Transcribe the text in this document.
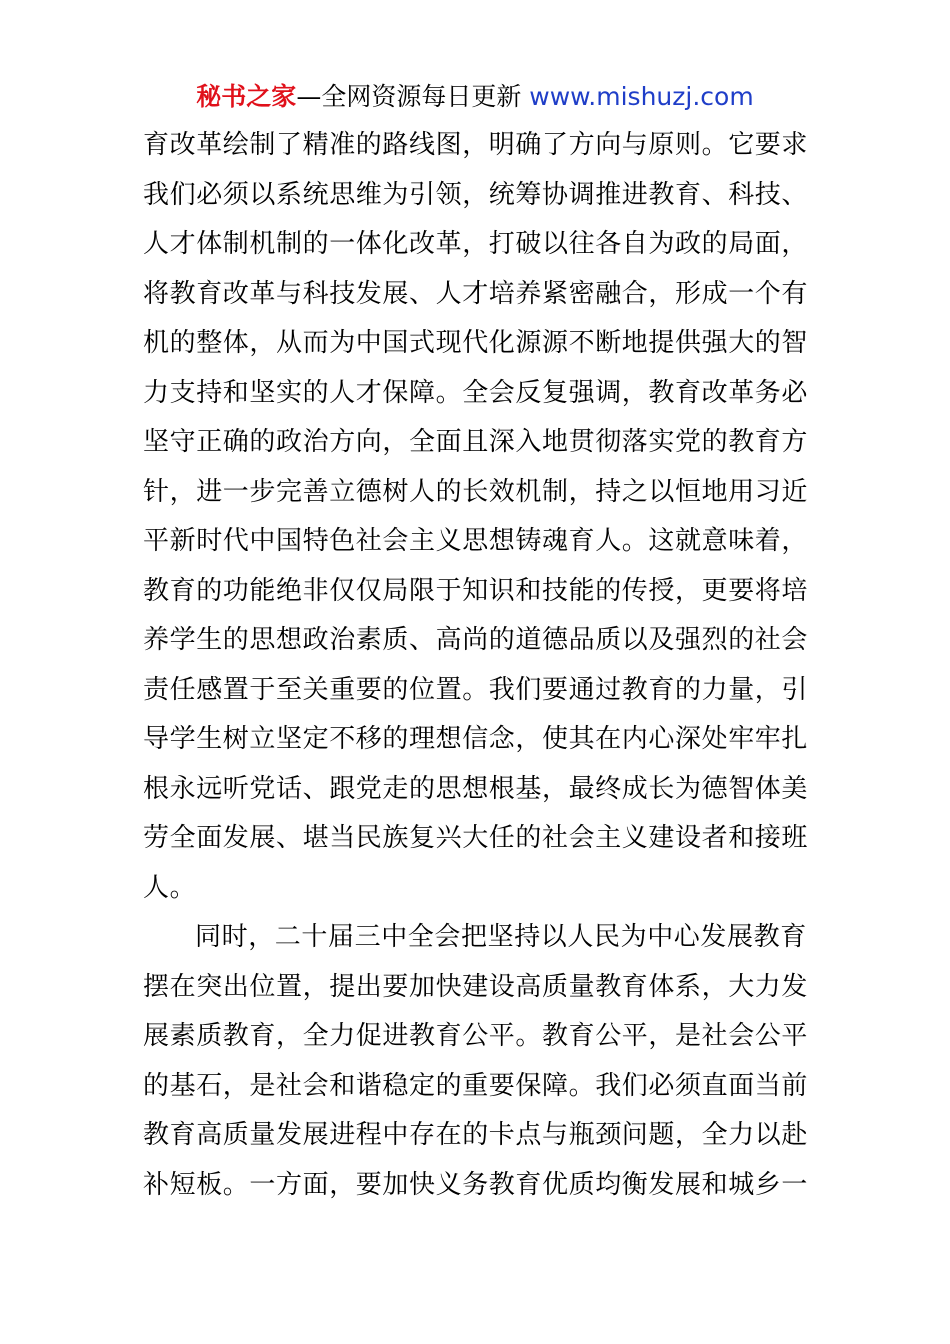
秘书之家—全网资源每日更新 www.mishuzj.com
育改革绘制了精准的路线图，明确了方向与原则。它要求
我们必须以系统思维为引领，统筹协调推进教育、科技、
人才体制机制的一体化改革，打破以往各自为政的局面，
将教育改革与科技发展、人才培养紧密融合，形成一个有
机的整体，从而为中国式现代化源源不断地提供强大的智
力支持和坚实的人才保障。全会反复强调，教育改革务必
坚守正确的政治方向，全面且深入地贯彻落实党的教育方
针，进一步完善立德树人的长效机制，持之以恒地用习近
平新时代中国特色社会主义思想铸魂育人。这就意味着，
教育的功能绝非仅仅局限于知识和技能的传授，更要将培
养学生的思想政治素质、高尚的道德品质以及强烈的社会
责任感置于至关重要的位置。我们要通过教育的力量，引
导学生树立坚定不移的理想信念，使其在内心深处牢牢扎
根永远听党话、跟党走的思想根基，最终成长为德智体美
劳全面发展、堪当民族复兴大任的社会主义建设者和接班
人。
同时，二十届三中全会把坚持以人民为中心发展教育
摆在突出位置，提出要加快建设高质量教育体系，大力发
展素质教育，全力促进教育公平。教育公平，是社会公平
的基石，是社会和谐稳定的重要保障。我们必须直面当前
教育高质量发展进程中存在的卡点与瓶颈问题，全力以赴
补短板。一方面，要加快义务教育优质均衡发展和城乡一
